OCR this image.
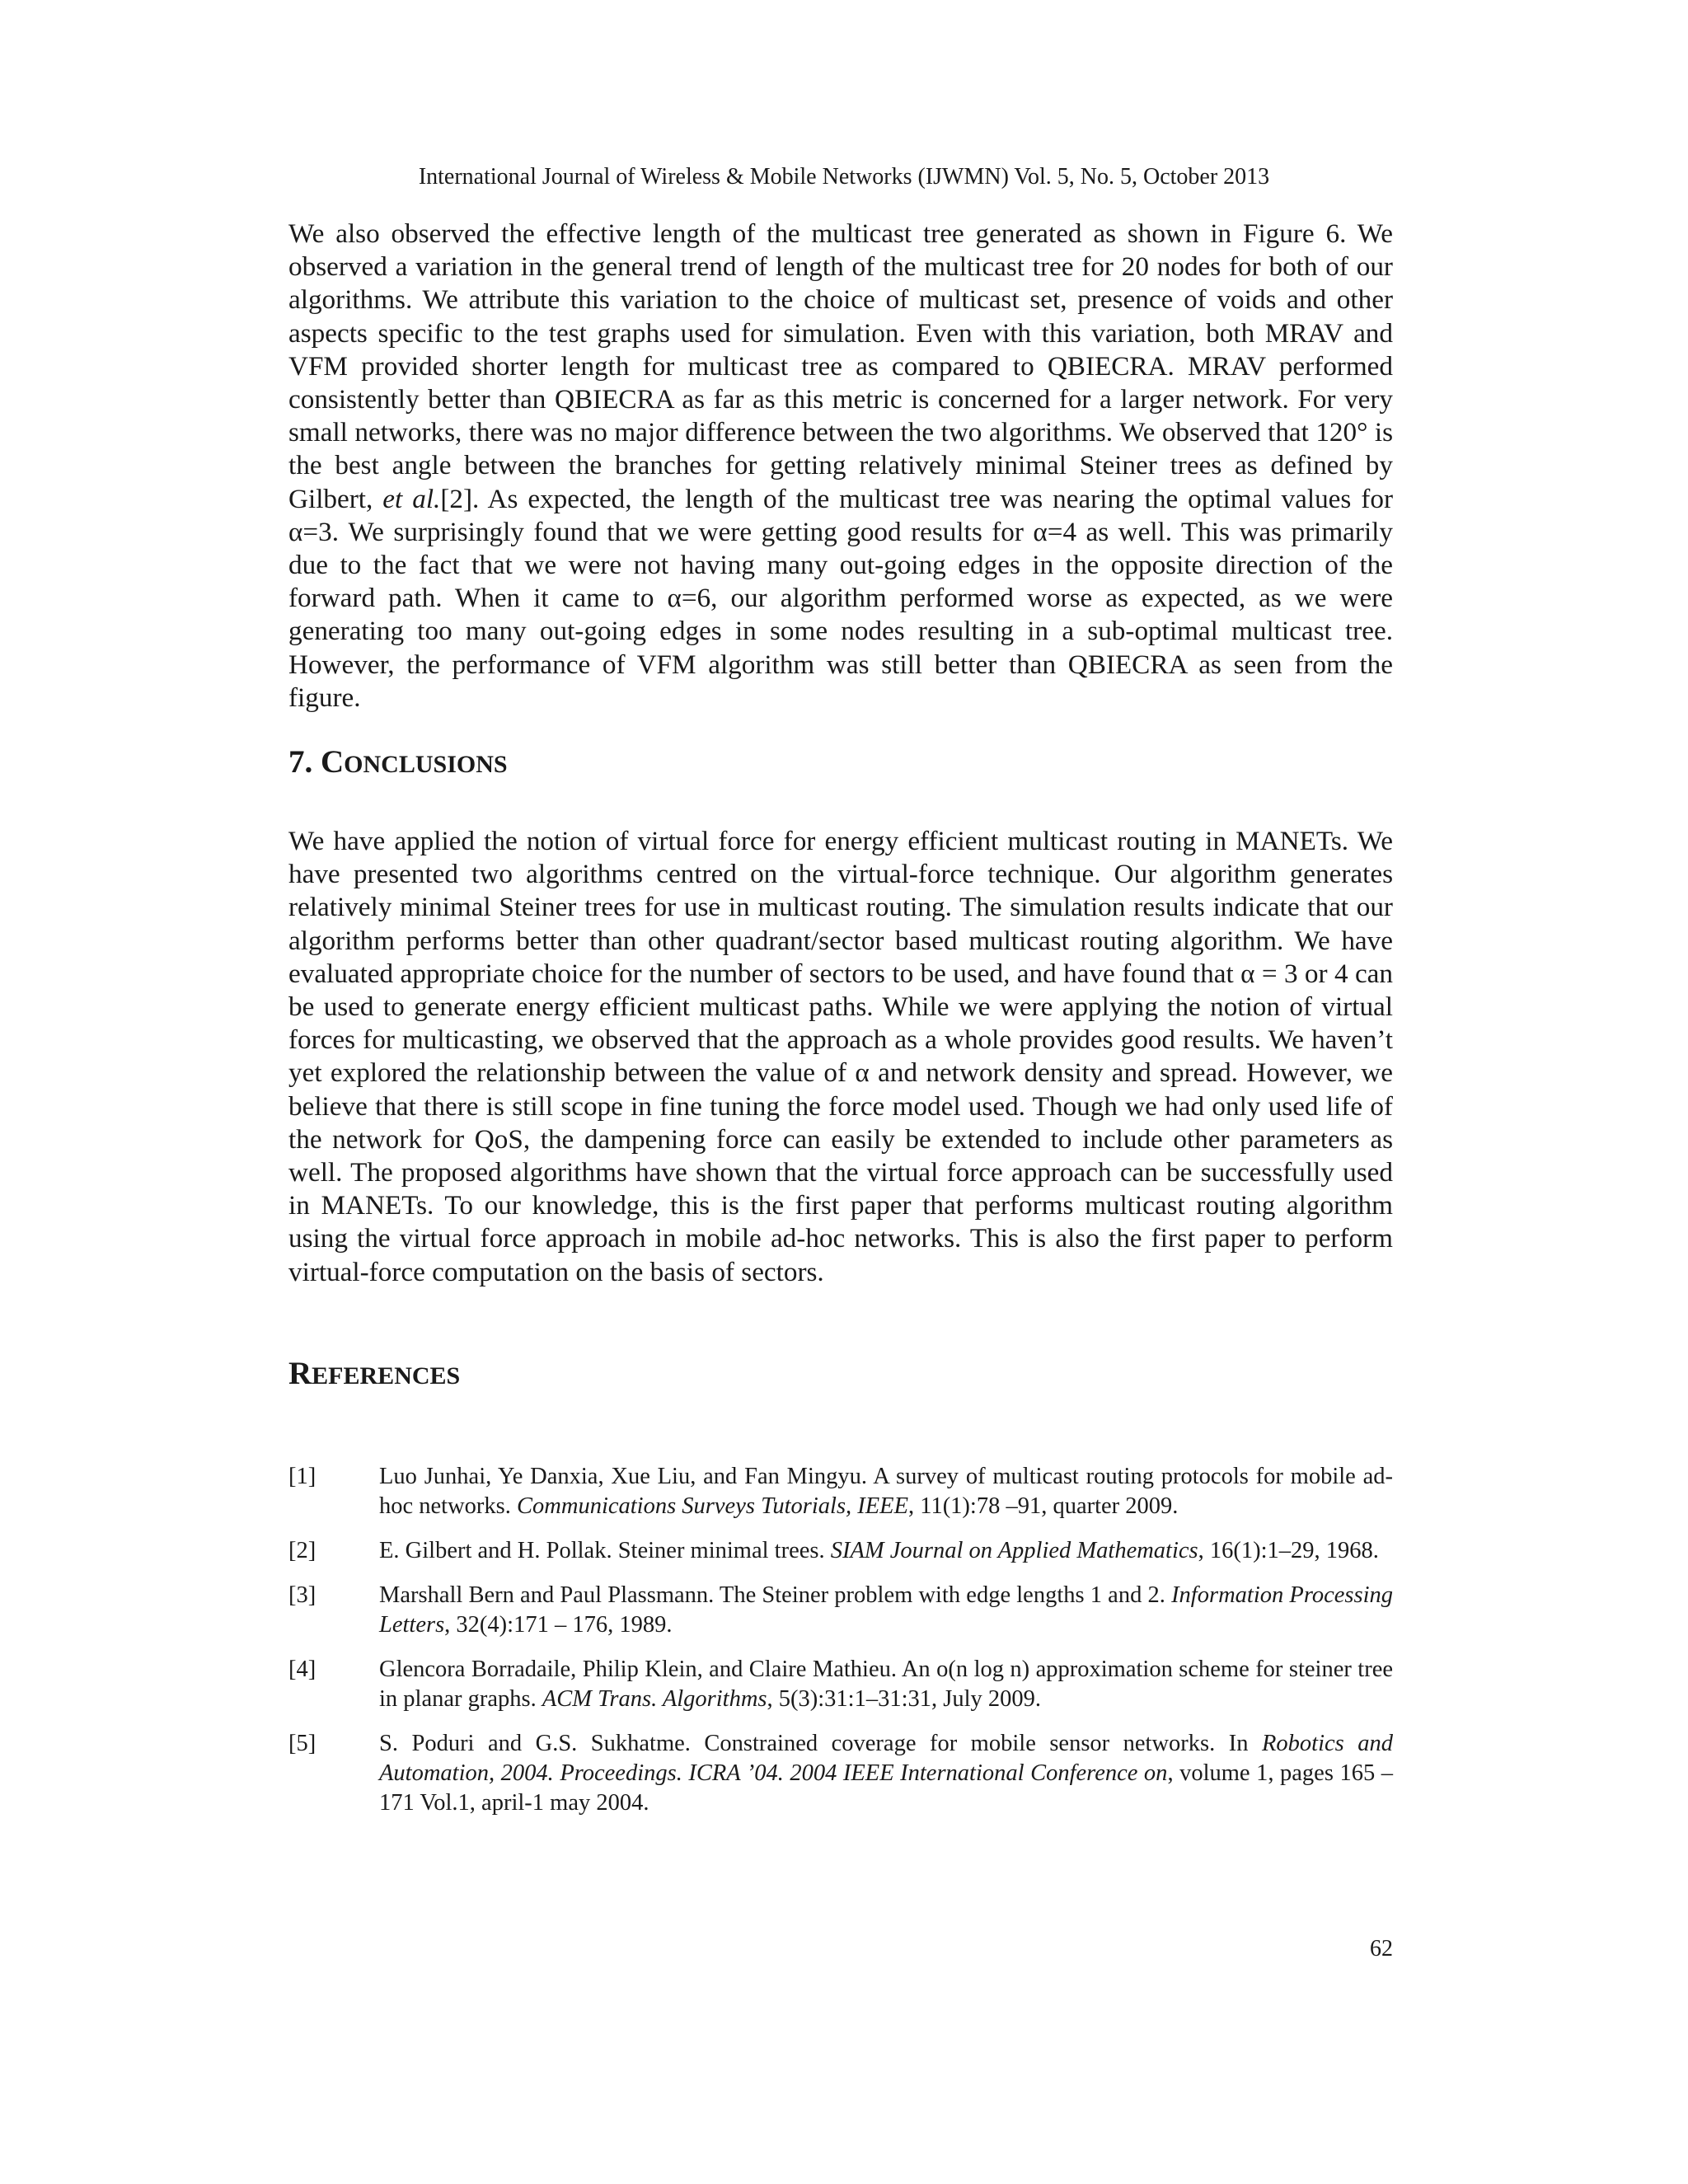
International Journal of Wireless & Mobile Networks (IJWMN) Vol. 5, No. 5, October 2013

We also observed the effective length of the multicast tree generated as shown in Figure 6. We observed a variation in the general trend of length of the multicast tree for 20 nodes for both of our algorithms. We attribute this variation to the choice of multicast set, presence of voids and other aspects specific to the test graphs used for simulation. Even with this variation, both MRAV and VFM provided shorter length for multicast tree as compared to QBIECRA. MRAV performed consistently better than QBIECRA as far as this metric is concerned for a larger network. For very small networks, there was no major difference between the two algorithms. We observed that 120° is the best angle between the branches for getting relatively minimal Steiner trees as defined by Gilbert, et al.[2]. As expected, the length of the multicast tree was nearing the optimal values for α=3. We surprisingly found that we were getting good results for α=4 as well. This was primarily due to the fact that we were not having many out-going edges in the opposite direction of the forward path. When it came to α=6, our algorithm performed worse as expected, as we were generating too many out-going edges in some nodes resulting in a sub-optimal multicast tree. However, the performance of VFM algorithm was still better than QBIECRA as seen from the figure.

7. CONCLUSIONS

We have applied the notion of virtual force for energy efficient multicast routing in MANETs. We have presented two algorithms centred on the virtual-force technique. Our algorithm generates relatively minimal Steiner trees for use in multicast routing. The simulation results indicate that our algorithm performs better than other quadrant/sector based multicast routing algorithm. We have evaluated appropriate choice for the number of sectors to be used, and have found that α = 3 or 4 can be used to generate energy efficient multicast paths. While we were applying the notion of virtual forces for multicasting, we observed that the approach as a whole provides good results. We haven’t yet explored the relationship between the value of α and network density and spread. However, we believe that there is still scope in fine tuning the force model used. Though we had only used life of the network for QoS, the dampening force can easily be extended to include other parameters as well. The proposed algorithms have shown that the virtual force approach can be successfully used in MANETs. To our knowledge, this is the first paper that performs multicast routing algorithm using the virtual force approach in mobile ad-hoc networks. This is also the first paper to perform virtual-force computation on the basis of sectors.

REFERENCES
[1]	Luo Junhai, Ye Danxia, Xue Liu, and Fan Mingyu. A survey of multicast routing protocols for mobile ad-hoc networks. Communications Surveys Tutorials, IEEE, 11(1):78 –91, quarter 2009.
[2]	E. Gilbert and H. Pollak. Steiner minimal trees. SIAM Journal on Applied Mathematics, 16(1):1–29, 1968.
[3]	Marshall Bern and Paul Plassmann. The Steiner problem with edge lengths 1 and 2. Information Processing Letters, 32(4):171 – 176, 1989.
[4]	Glencora Borradaile, Philip Klein, and Claire Mathieu. An o(n log n) approximation scheme for steiner tree in planar graphs. ACM Trans. Algorithms, 5(3):31:1–31:31, July 2009.
[5]	S. Poduri and G.S. Sukhatme. Constrained coverage for mobile sensor networks. In Robotics and Automation, 2004. Proceedings. ICRA ’04. 2004 IEEE International Conference on, volume 1, pages 165 – 171 Vol.1, april-1 may 2004.
62
